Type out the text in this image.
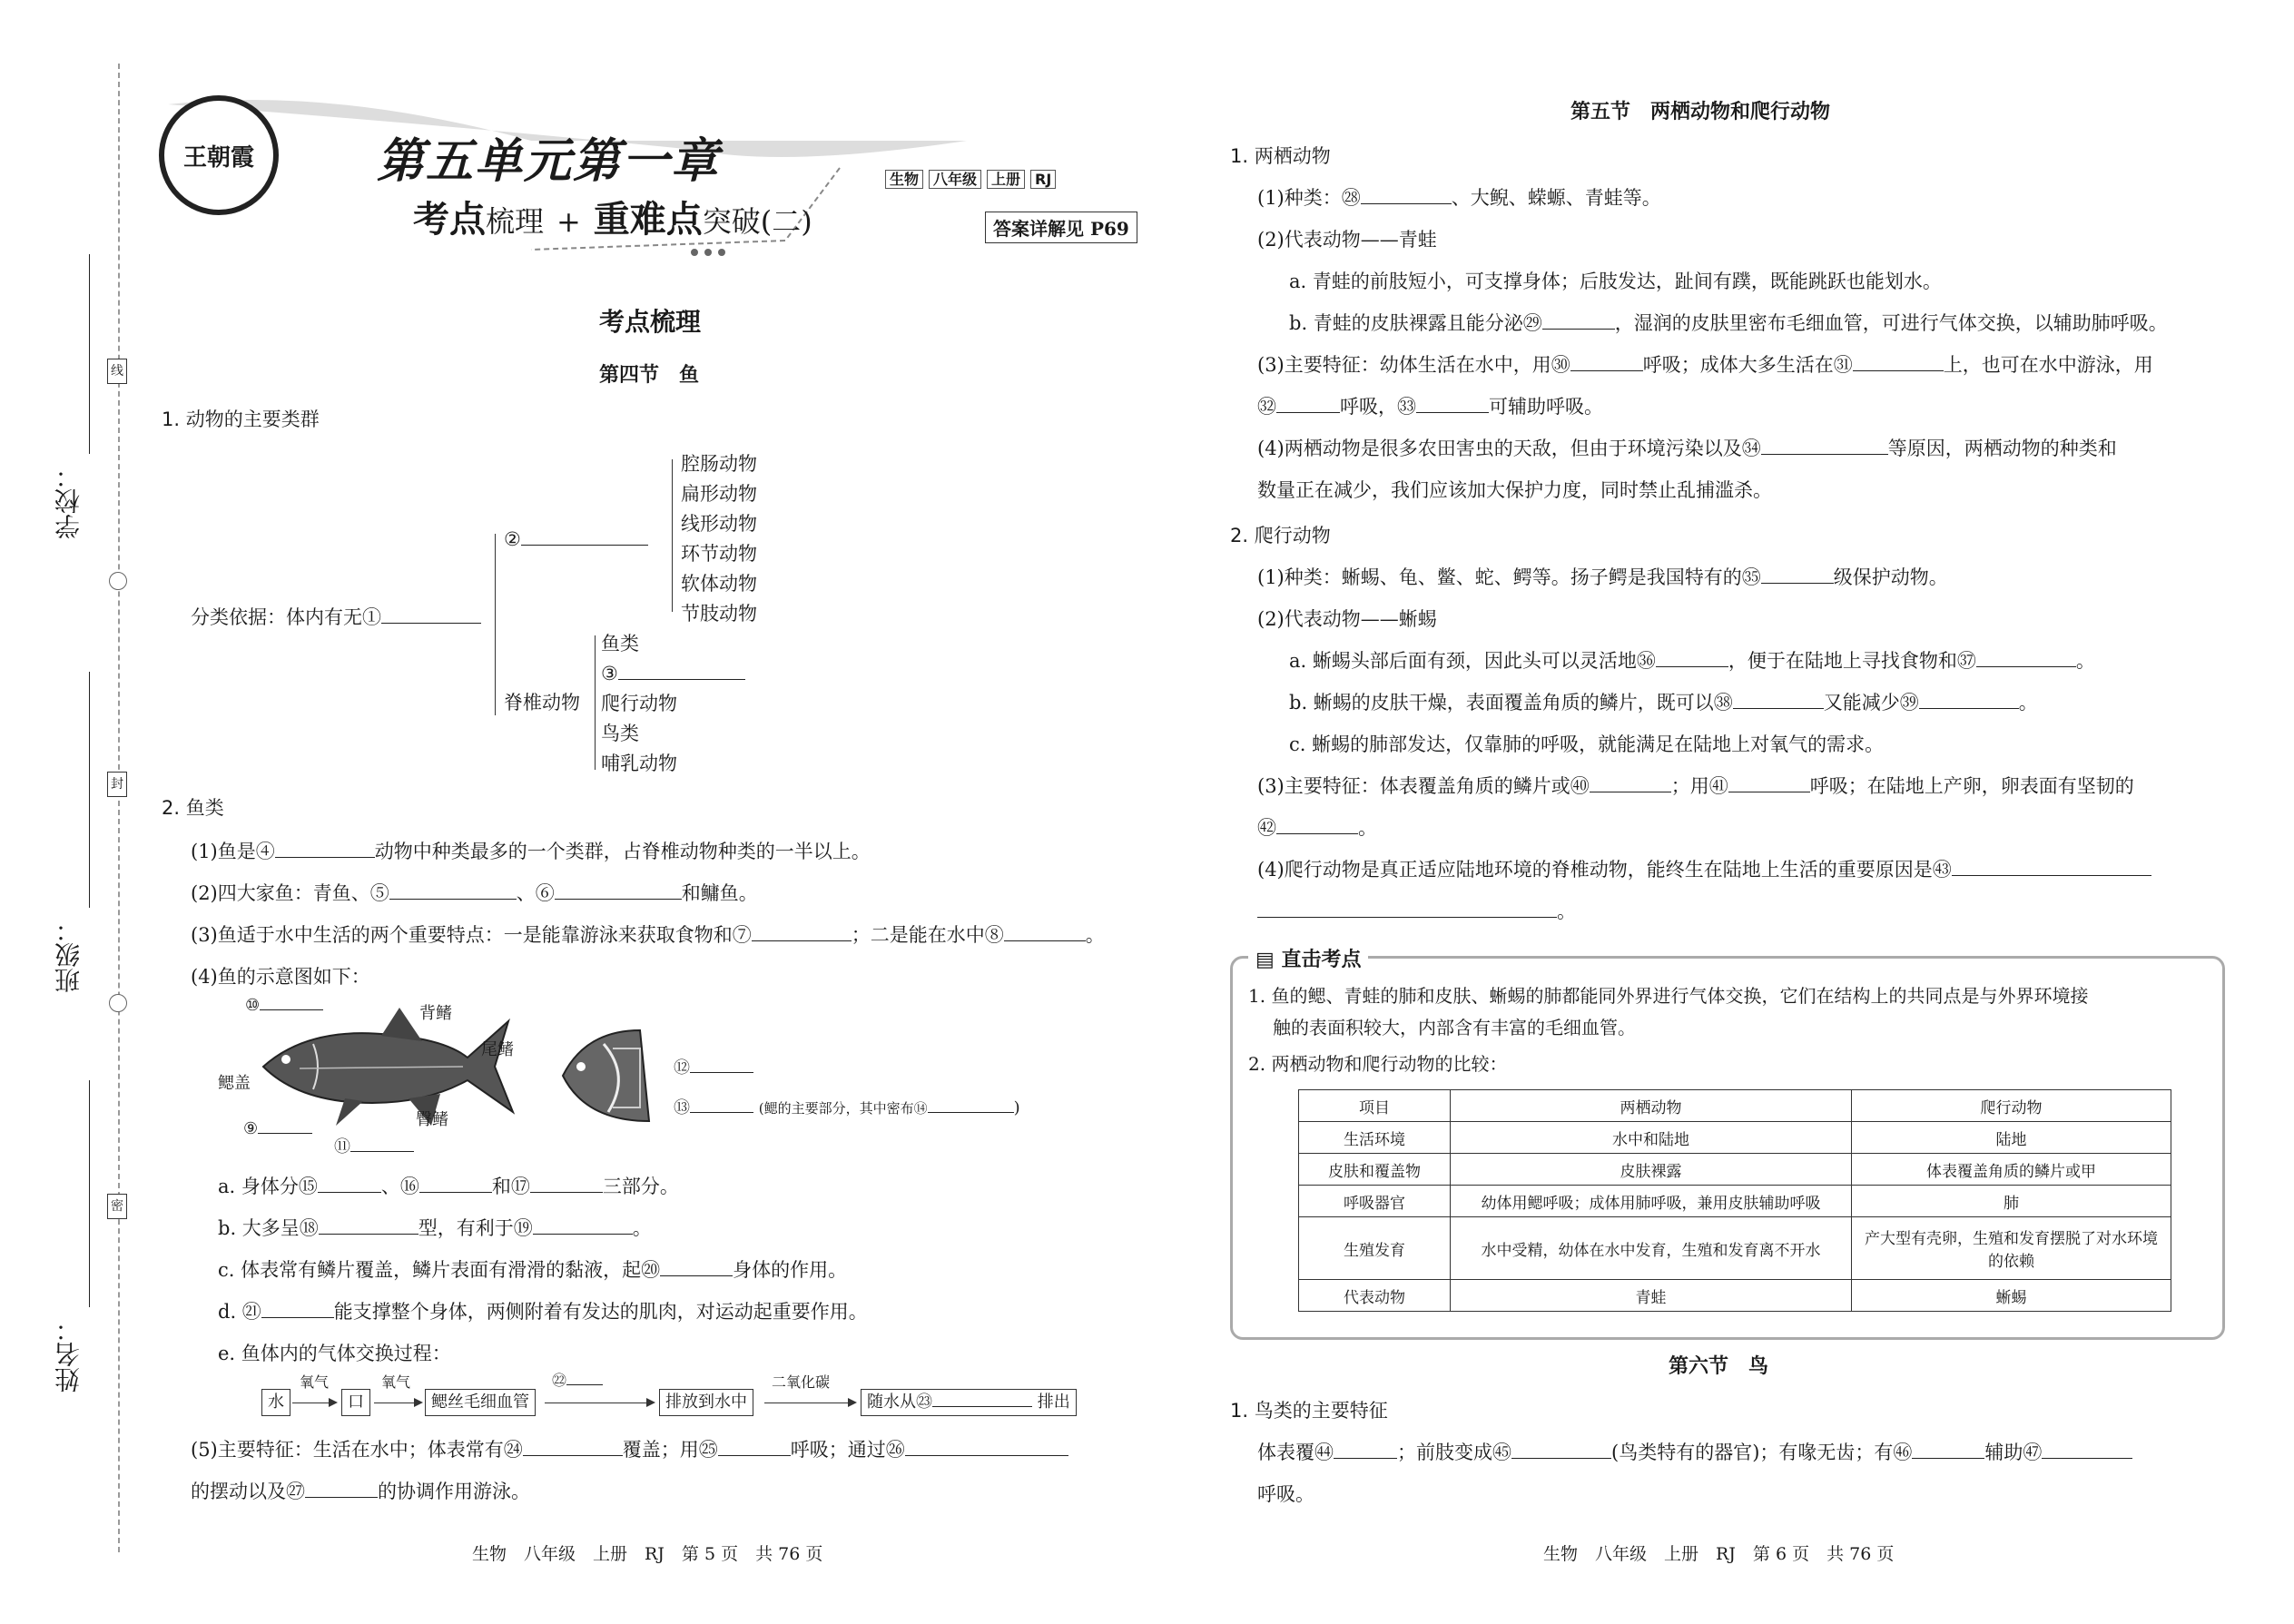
学校：
班级：
姓名：
线
封
密
王朝霞	第五单元第一章
考点梳理 + 重难点突破(二)
生物 八年级 上册 RJ
答案详解见 P69
考点梳理
第四节　鱼
1. 动物的主要类群
分类依据：体内有无①
②
腔肠动物
扁形动物
线形动物
环节动物
软体动物
节肢动物
脊椎动物
鱼类
③
爬行动物
鸟类
哺乳动物
2. 鱼类
(1)鱼是④	动物中种类最多的一个类群，占脊椎动物种类的一半以上。
(2)四大家鱼：青鱼、⑤	、⑥	和鳙鱼。
(3)鱼适于水中生活的两个重要特点：一是能靠游泳来获取食物和⑦	；二是能在水中⑧	。
(4)鱼的示意图如下：
⑩	背鳍
尾鳍
鳃盖
⑨	臀鳍
⑪
⑫
⑬	(鳃的主要部分，其中密布⑭	)
a. 身体分⑮	、⑯	和⑰	三部分。
b. 大多呈⑱	型，有利于⑲	。
c. 体表常有鳞片覆盖，鳞片表面有滑滑的黏液，起⑳	身体的作用。
d. ㉑	能支撑整个身体，两侧附着有发达的肌肉，对运动起重要作用。
e. 鱼体内的气体交换过程：
水
氧气
口
氧气
鳃丝毛细血管
㉒
排放到水中
二氧化碳
随水从㉓	排出
(5)主要特征：生活在水中；体表常有㉔	覆盖；用㉕	呼吸；通过㉖
的摆动以及㉗	的协调作用游泳。
生物　八年级　上册　RJ　第 5 页　共 76 页
第五节　两栖动物和爬行动物
1. 两栖动物
(1)种类：㉘	、大鲵、蝾螈、青蛙等。
(2)代表动物——青蛙
a. 青蛙的前肢短小，可支撑身体；后肢发达，趾间有蹼，既能跳跃也能划水。
b. 青蛙的皮肤裸露且能分泌㉙	，湿润的皮肤里密布毛细血管，可进行气体交换，以辅助肺呼吸。
(3)主要特征：幼体生活在水中，用㉚	呼吸；成体大多生活在㉛	上，也可在水中游泳，用
㉜	呼吸，㉝	可辅助呼吸。
(4)两栖动物是很多农田害虫的天敌，但由于环境污染以及㉞	等原因，两栖动物的种类和
数量正在减少，我们应该加大保护力度，同时禁止乱捕滥杀。
2. 爬行动物
(1)种类：蜥蜴、龟、鳖、蛇、鳄等。扬子鳄是我国特有的㉟	级保护动物。
(2)代表动物——蜥蜴
a. 蜥蜴头部后面有颈，因此头可以灵活地㊱	，便于在陆地上寻找食物和㊲	。
b. 蜥蜴的皮肤干燥，表面覆盖角质的鳞片，既可以㊳	又能减少㊴	。
c. 蜥蜴的肺部发达，仅靠肺的呼吸，就能满足在陆地上对氧气的需求。
(3)主要特征：体表覆盖角质的鳞片或㊵	；用㊶	呼吸；在陆地上产卵，卵表面有坚韧的
㊷	。
(4)爬行动物是真正适应陆地环境的脊椎动物，能终生在陆地上生活的重要原因是㊸
。
▤ 直击考点
1. 鱼的鳃、青蛙的肺和皮肤、蜥蜴的肺都能同外界进行气体交换，它们在结构上的共同点是与外界环境接
触的表面积较大，内部含有丰富的毛细血管。
2. 两栖动物和爬行动物的比较：
项目	两栖动物	爬行动物
生活环境	水中和陆地	陆地
皮肤和覆盖物	皮肤裸露	体表覆盖角质的鳞片或甲
呼吸器官	幼体用鳃呼吸；成体用肺呼吸，兼用皮肤辅助呼吸	肺
生殖发育	水中受精，幼体在水中发育，生殖和发育离不开水	产大型有壳卵，生殖和发育摆脱了对水环境的依赖
代表动物	青蛙	蜥蜴
第六节　鸟
1. 鸟类的主要特征
体表覆㊹	；前肢变成㊺	(鸟类特有的器官)；有喙无齿；有㊻	辅助㊼
呼吸。
生物　八年级　上册　RJ　第 6 页　共 76 页
